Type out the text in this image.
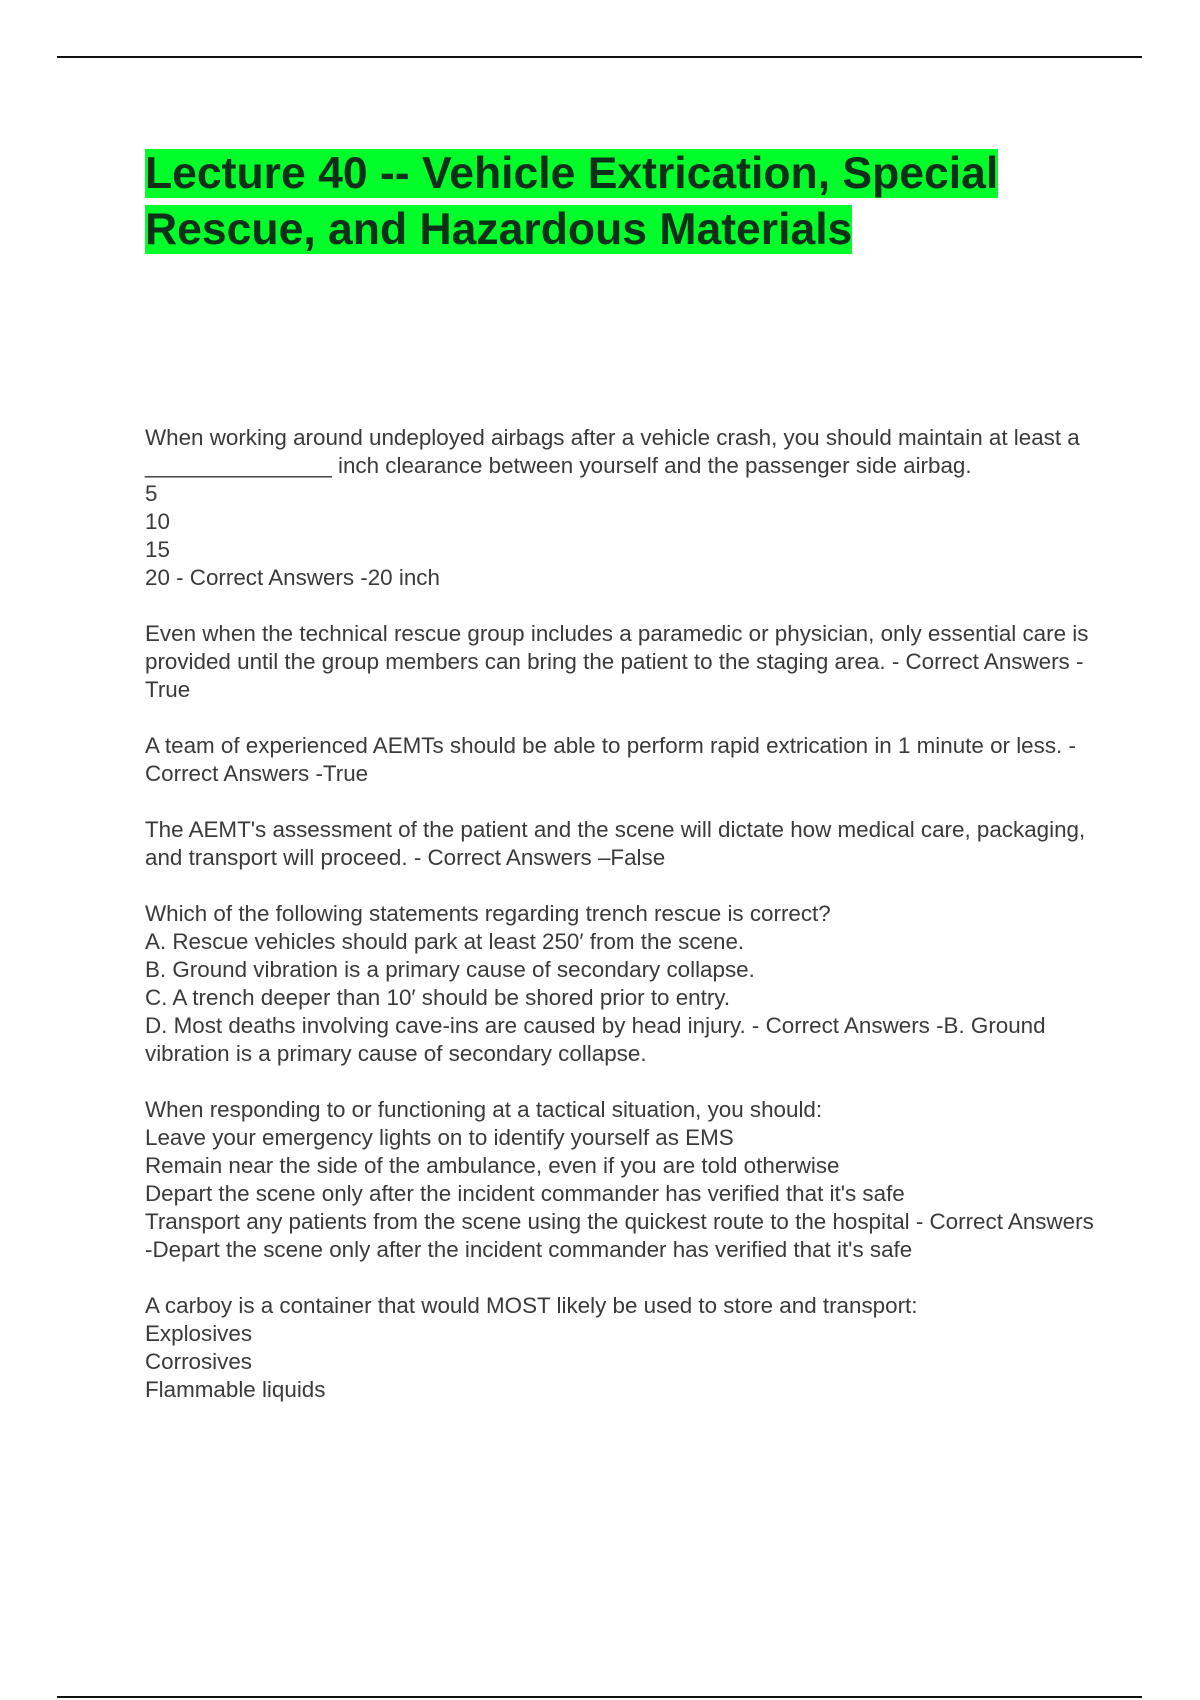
Lecture 40 -- Vehicle Extrication, Special
Rescue, and Hazardous Materials

When working around undeployed airbags after a vehicle crash, you should maintain at least a _______________ inch clearance between yourself and the passenger side airbag.
5
10
15
20 - Correct Answers -20 inch

Even when the technical rescue group includes a paramedic or physician, only essential care is provided until the group members can bring the patient to the staging area. - Correct Answers -True

A team of experienced AEMTs should be able to perform rapid extrication in 1 minute or less. - Correct Answers -True

The AEMT's assessment of the patient and the scene will dictate how medical care, packaging, and transport will proceed. - Correct Answers –False

Which of the following statements regarding trench rescue is correct?
A. Rescue vehicles should park at least 250′ from the scene.
B. Ground vibration is a primary cause of secondary collapse.
C. A trench deeper than 10′ should be shored prior to entry.
D. Most deaths involving cave-ins are caused by head injury. - Correct Answers -B. Ground vibration is a primary cause of secondary collapse.

When responding to or functioning at a tactical situation, you should:
Leave your emergency lights on to identify yourself as EMS
Remain near the side of the ambulance, even if you are told otherwise
Depart the scene only after the incident commander has verified that it's safe
Transport any patients from the scene using the quickest route to the hospital - Correct Answers -Depart the scene only after the incident commander has verified that it's safe

A carboy is a container that would MOST likely be used to store and transport:
Explosives
Corrosives
Flammable liquids
